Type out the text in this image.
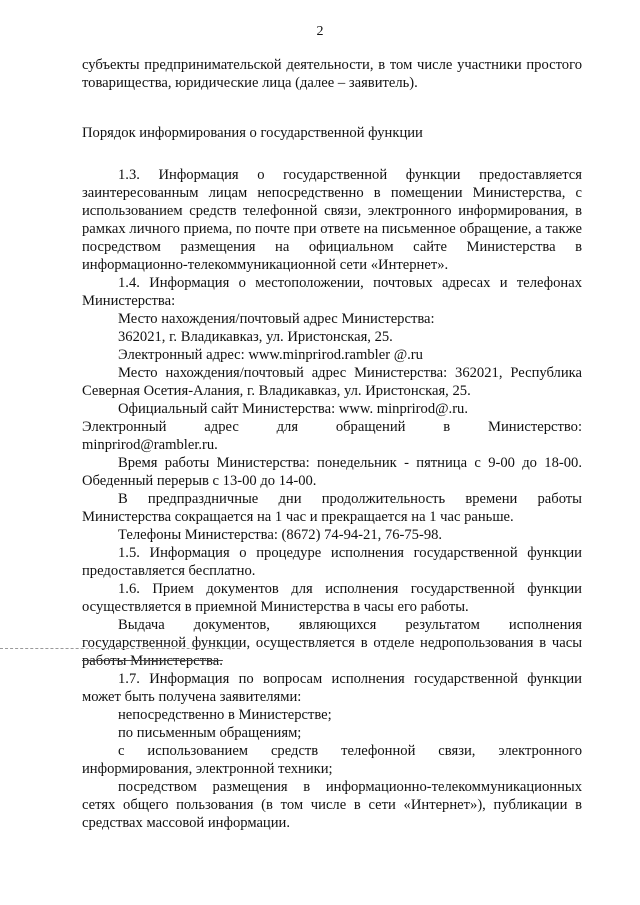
2

субъекты предпринимательской деятельности, в том числе участники простого товарищества, юридические лица (далее – заявитель).

Порядок информирования о государственной функции

1.3. Информация о государственной функции предоставляется заинтересованным лицам непосредственно в помещении Министерства, с использованием средств телефонной связи, электронного информирования, в рамках личного приема, по почте при ответе на письменное обращение, а также посредством размещения на официальном сайте Министерства в информационно-телекоммуникационной сети «Интернет».

1.4. Информация о местоположении, почтовых адресах и телефонах Министерства:

Место нахождения/почтовый адрес Министерства:

362021, г. Владикавказ, ул. Иристонская, 25.

Электронный адрес: www.minprirod.rambler @.ru

Место нахождения/почтовый адрес Министерства: 362021, Республика Северная Осетия-Алания, г. Владикавказ, ул. Иристонская, 25.

Официальный сайт Министерства: www. minprirod@.ru.

Электронный адрес для обращений в Министерство:

minprirod@rambler.ru.

Время работы Министерства: понедельник - пятница с 9-00 до 18-00. Обеденный перерыв с 13-00 до 14-00.

В предпраздничные дни продолжительность времени работы Министерства сокращается на 1 час и прекращается на 1 час раньше.

Телефоны Министерства: (8672) 74-94-21, 76-75-98.

1.5. Информация о процедуре исполнения государственной функции предоставляется бесплатно.

1.6. Прием документов для исполнения государственной функции осуществляется в приемной Министерства в часы его работы.

Выдача документов, являющихся результатом исполнения государственной функции, осуществляется в отделе недропользования в часы работы Министерства.

1.7. Информация по вопросам исполнения государственной функции может быть получена заявителями:

непосредственно в Министерстве;

по письменным обращениям;

с использованием средств телефонной связи, электронного информирования, электронной техники;

посредством размещения в информационно-телекоммуникационных сетях общего пользования (в том числе в сети «Интернет»), публикации в средствах массовой информации.
